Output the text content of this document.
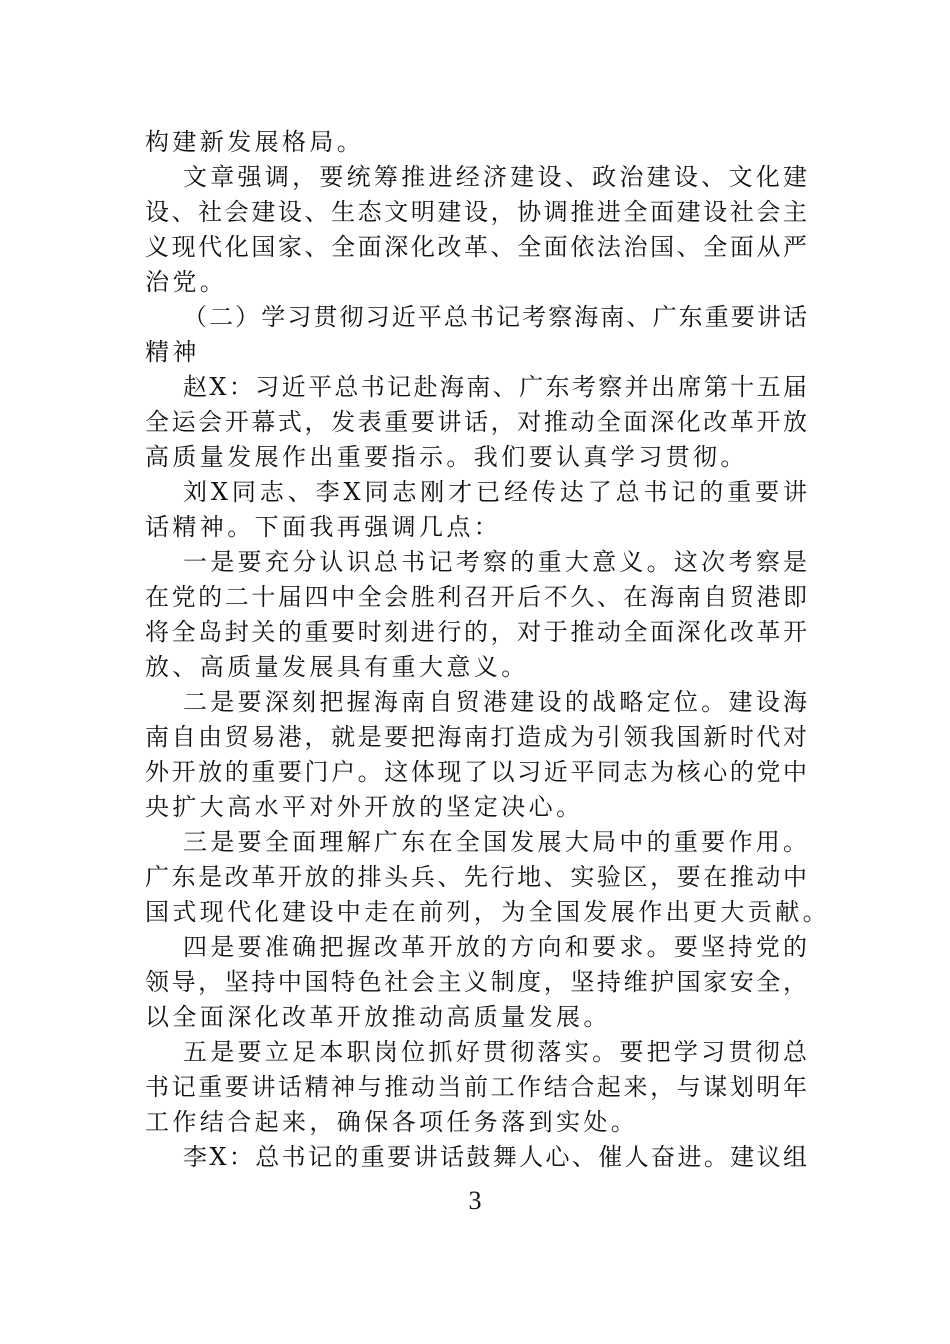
构建新发展格局。
文章强调，要统筹推进经济建设、政治建设、文化建
设、社会建设、生态文明建设，协调推进全面建设社会主
义现代化国家、全面深化改革、全面依法治国、全面从严
治党。
（二）学习贯彻习近平总书记考察海南、广东重要讲话
精神
赵X：习近平总书记赴海南、广东考察并出席第十五届
全运会开幕式，发表重要讲话，对推动全面深化改革开放
高质量发展作出重要指示。我们要认真学习贯彻。
刘X同志、李X同志刚才已经传达了总书记的重要讲
话精神。下面我再强调几点：
一是要充分认识总书记考察的重大意义。这次考察是
在党的二十届四中全会胜利召开后不久、在海南自贸港即
将全岛封关的重要时刻进行的，对于推动全面深化改革开
放、高质量发展具有重大意义。
二是要深刻把握海南自贸港建设的战略定位。建设海
南自由贸易港，就是要把海南打造成为引领我国新时代对
外开放的重要门户。这体现了以习近平同志为核心的党中
央扩大高水平对外开放的坚定决心。
三是要全面理解广东在全国发展大局中的重要作用。
广东是改革开放的排头兵、先行地、实验区，要在推动中
国式现代化建设中走在前列，为全国发展作出更大贡献。
四是要准确把握改革开放的方向和要求。要坚持党的
领导，坚持中国特色社会主义制度，坚持维护国家安全，
以全面深化改革开放推动高质量发展。
五是要立足本职岗位抓好贯彻落实。要把学习贯彻总
书记重要讲话精神与推动当前工作结合起来，与谋划明年
工作结合起来，确保各项任务落到实处。
李X：总书记的重要讲话鼓舞人心、催人奋进。建议组
3
